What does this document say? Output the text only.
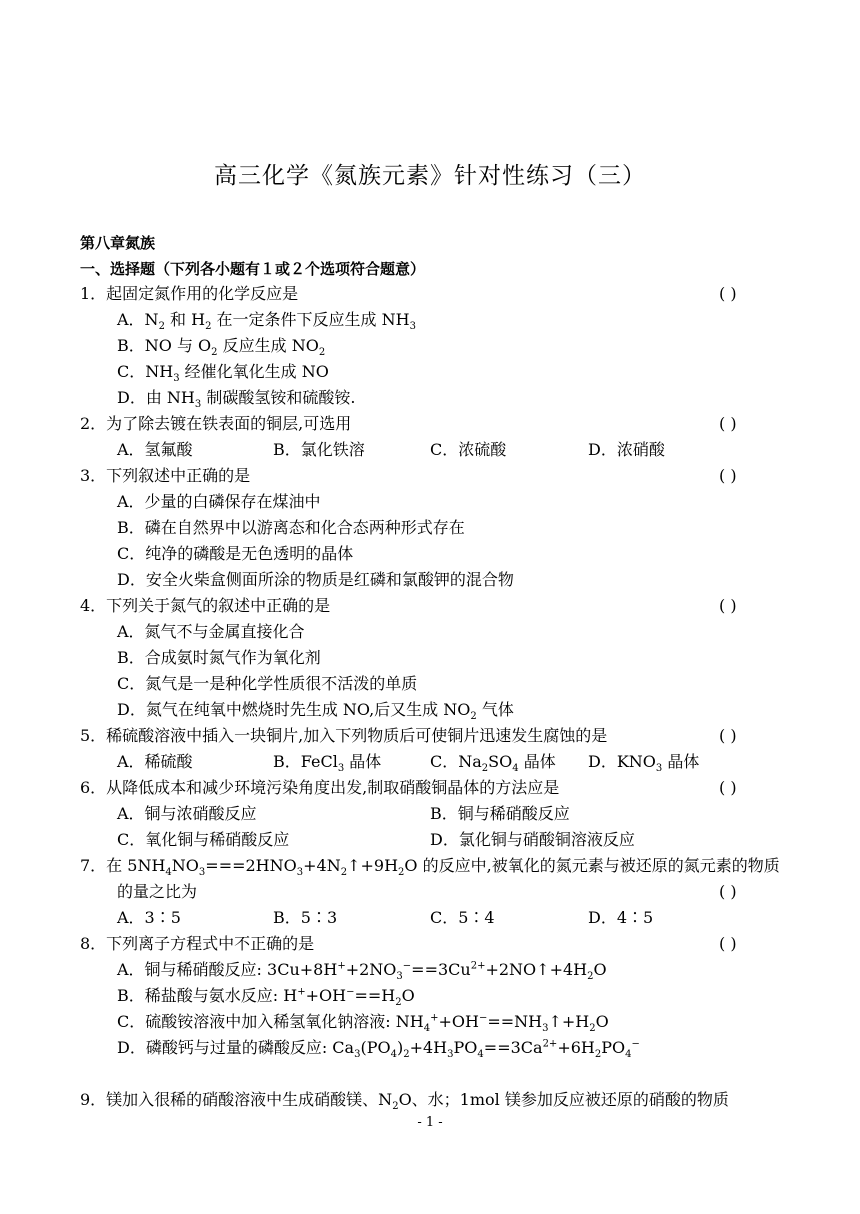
高三化学《氮族元素》针对性练习（三）
第八章氮族
一、选择题（下列各小题有１或２个选项符合题意）
1．起固定氮作用的化学反应是	( )
A．$N_2$ 和 $H_2$ 在一定条件下反应生成 $NH_3$
B．NO 与 $O_2$ 反应生成 $NO_2$
C．$NH_3$ 经催化氧化生成 NO
D．由 $NH_3$ 制碳酸氢铵和硫酸铵.
2．为了除去镀在铁表面的铜层,可选用	( )
A．氢氟酸	B．氯化铁溶	C．浓硫酸	D．浓硝酸
3．下列叙述中正确的是	( )
A．少量的白磷保存在煤油中
B．磷在自然界中以游离态和化合态两种形式存在
C．纯净的磷酸是无色透明的晶体
D．安全火柴盒侧面所涂的物质是红磷和氯酸钾的混合物
4．下列关于氮气的叙述中正确的是	( )
A．氮气不与金属直接化合
B．合成氨时氮气作为氧化剂
C．氮气是一是种化学性质很不活泼的单质
D．氮气在纯氧中燃烧时先生成 NO,后又生成 $NO_2$ 气体
5．稀硫酸溶液中插入一块铜片,加入下列物质后可使铜片迅速发生腐蚀的是	( )
A．稀硫酸	B．FeCl$_3$ 晶体	C．$Na_2SO_4$ 晶体 D．$KNO_3$ 晶体
6．从降低成本和减少环境污染角度出发,制取硝酸铜晶体的方法应是	( )
A．铜与浓硝酸反应	B．铜与稀硝酸反应
C．氧化铜与稀硝酸反应	D．氯化铜与硝酸铜溶液反应
7．在 $5NH_4NO_3===2HNO_3+4N_2↑+9H_2O$ 的反应中,被氧化的氮元素与被还原的氮元素的物质
的量之比为	( )
A．3∶5	B．5∶3	C．5∶4	D．4∶5
8．下列离子方程式中不正确的是	( )
A．铜与稀硝酸反应: $3Cu+8H^++2NO_3^-==3Cu^{2+}+2NO↑+4H_2O$
B．稀盐酸与氨水反应: $H^++OH^-==H_2O$
C．硫酸铵溶液中加入稀氢氧化钠溶液: $NH_4^++OH^-==NH_3↑+H_2O$
D．磷酸钙与过量的磷酸反应: $Ca_3(PO_4)_2+4H_3PO_4==3Ca^{2+}+6H_2PO_4^-$
9．镁加入很稀的硝酸溶液中生成硝酸镁、$N_2O$、水；1mol 镁参加反应被还原的硝酸的物质
- 1 -
